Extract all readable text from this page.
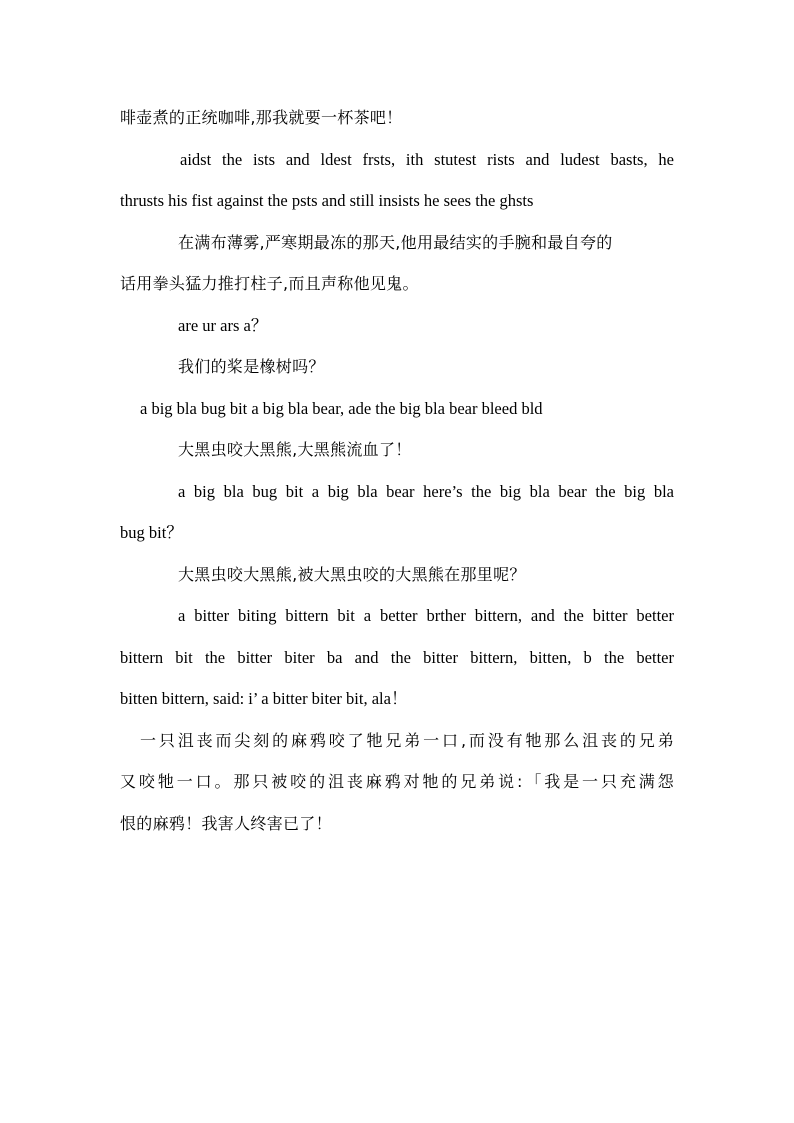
啡壶煮的正统咖啡,那我就要一杯茶吧！
aidst the ists and ldest frsts, ith stutest rists and ludest basts, he
thrusts his fist against the psts and still insists he sees the ghsts
在满布薄雾,严寒期最冻的那天,他用最结实的手腕和最自夸的
话用拳头猛力推打柱子,而且声称他见鬼。
are ur ars a？
我们的桨是橡树吗？
a big bla bug bit a big bla bear, ade the big bla bear bleed bld
大黑虫咬大黑熊,大黑熊流血了！
a big bla bug bit a big bla bear here’s the big bla bear the big bla
bug bit？
大黑虫咬大黑熊,被大黑虫咬的大黑熊在那里呢？
a bitter biting bittern bit a better brther bittern, and the bitter better
bittern bit the bitter biter ba and the bitter bittern, bitten, b the better
bitten bittern, said: i’ a bitter biter bit, ala！
一只沮丧而尖刻的麻鸦咬了牠兄弟一口,而没有牠那么沮丧的兄弟
又咬牠一口。那只被咬的沮丧麻鸦对牠的兄弟说:「我是一只充满怨
恨的麻鸦！我害人终害已了！
